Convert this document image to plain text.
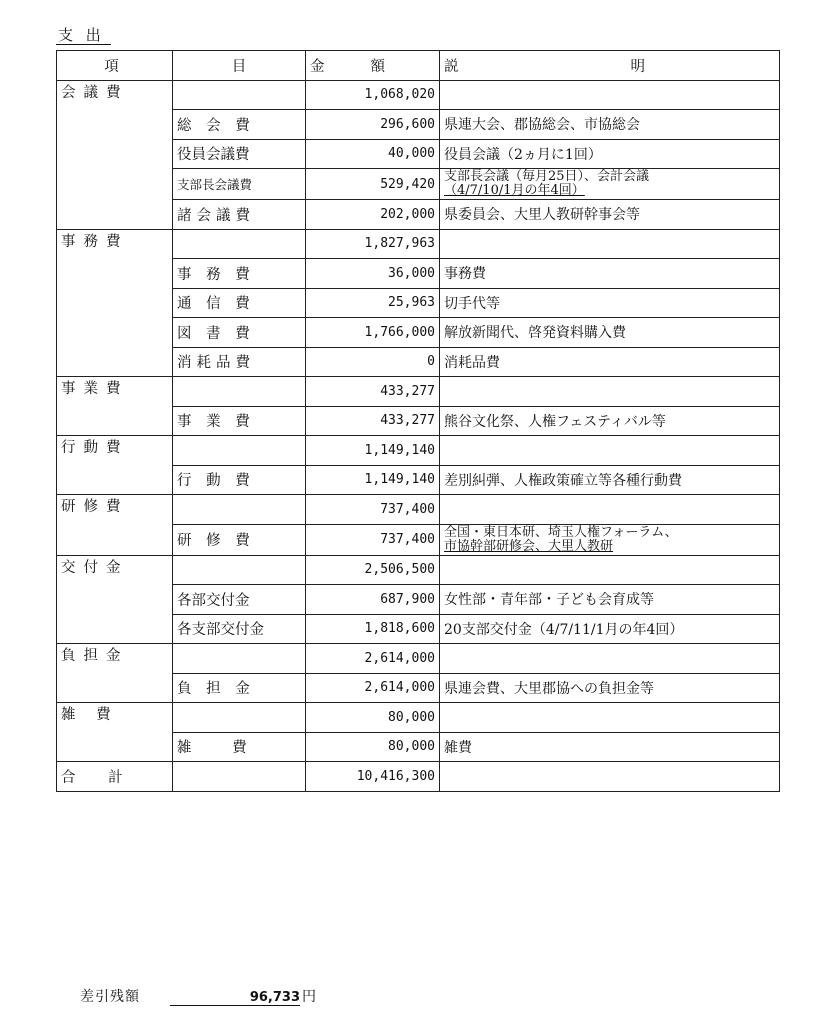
支 出
項	目	金 額	説 明
会議費		1,068,020	
	総 会 費	296,600	県連大会、郡協総会、市協総会
	役員会議費	40,000	役員会議（2ヵ月に1回）
	支部長会議費	529,420	支部長会議（毎月25日）、会計会議
（4/7/10/1月の年4回）

	諸会議費	202,000	県委員会、大里人教研幹事会等
事務費		1,827,963	
	事 務 費	36,000	事務費
	通 信 費	25,963	切手代等
	図 書 費	1,766,000	解放新聞代、啓発資料購入費
	消耗品費	0	消耗品費
事業費		433,277	
	事 業 費	433,277	熊谷文化祭、人権フェスティバル等
行動費		1,149,140	
	行 動 費	1,149,140	差別糾弾、人権政策確立等各種行動費
研修費		737,400	
	研 修 費	737,400	全国・東日本研、埼玉人権フォーラム、
市協幹部研修会、大里人教研

交付金		2,506,500	
	各部交付金	687,900	女性部・青年部・子ども会育成等
	各支部交付金	1,818,600	20支部交付金（4/7/11/1月の年4回）
負担金		2,614,000	
	負 担 金	2,614,000	県連会費、大里郡協への負担金等
雑 費		80,000	
	雑 費	80,000	雑費
合 計		10,416,300	
差引残額	96,733 円
